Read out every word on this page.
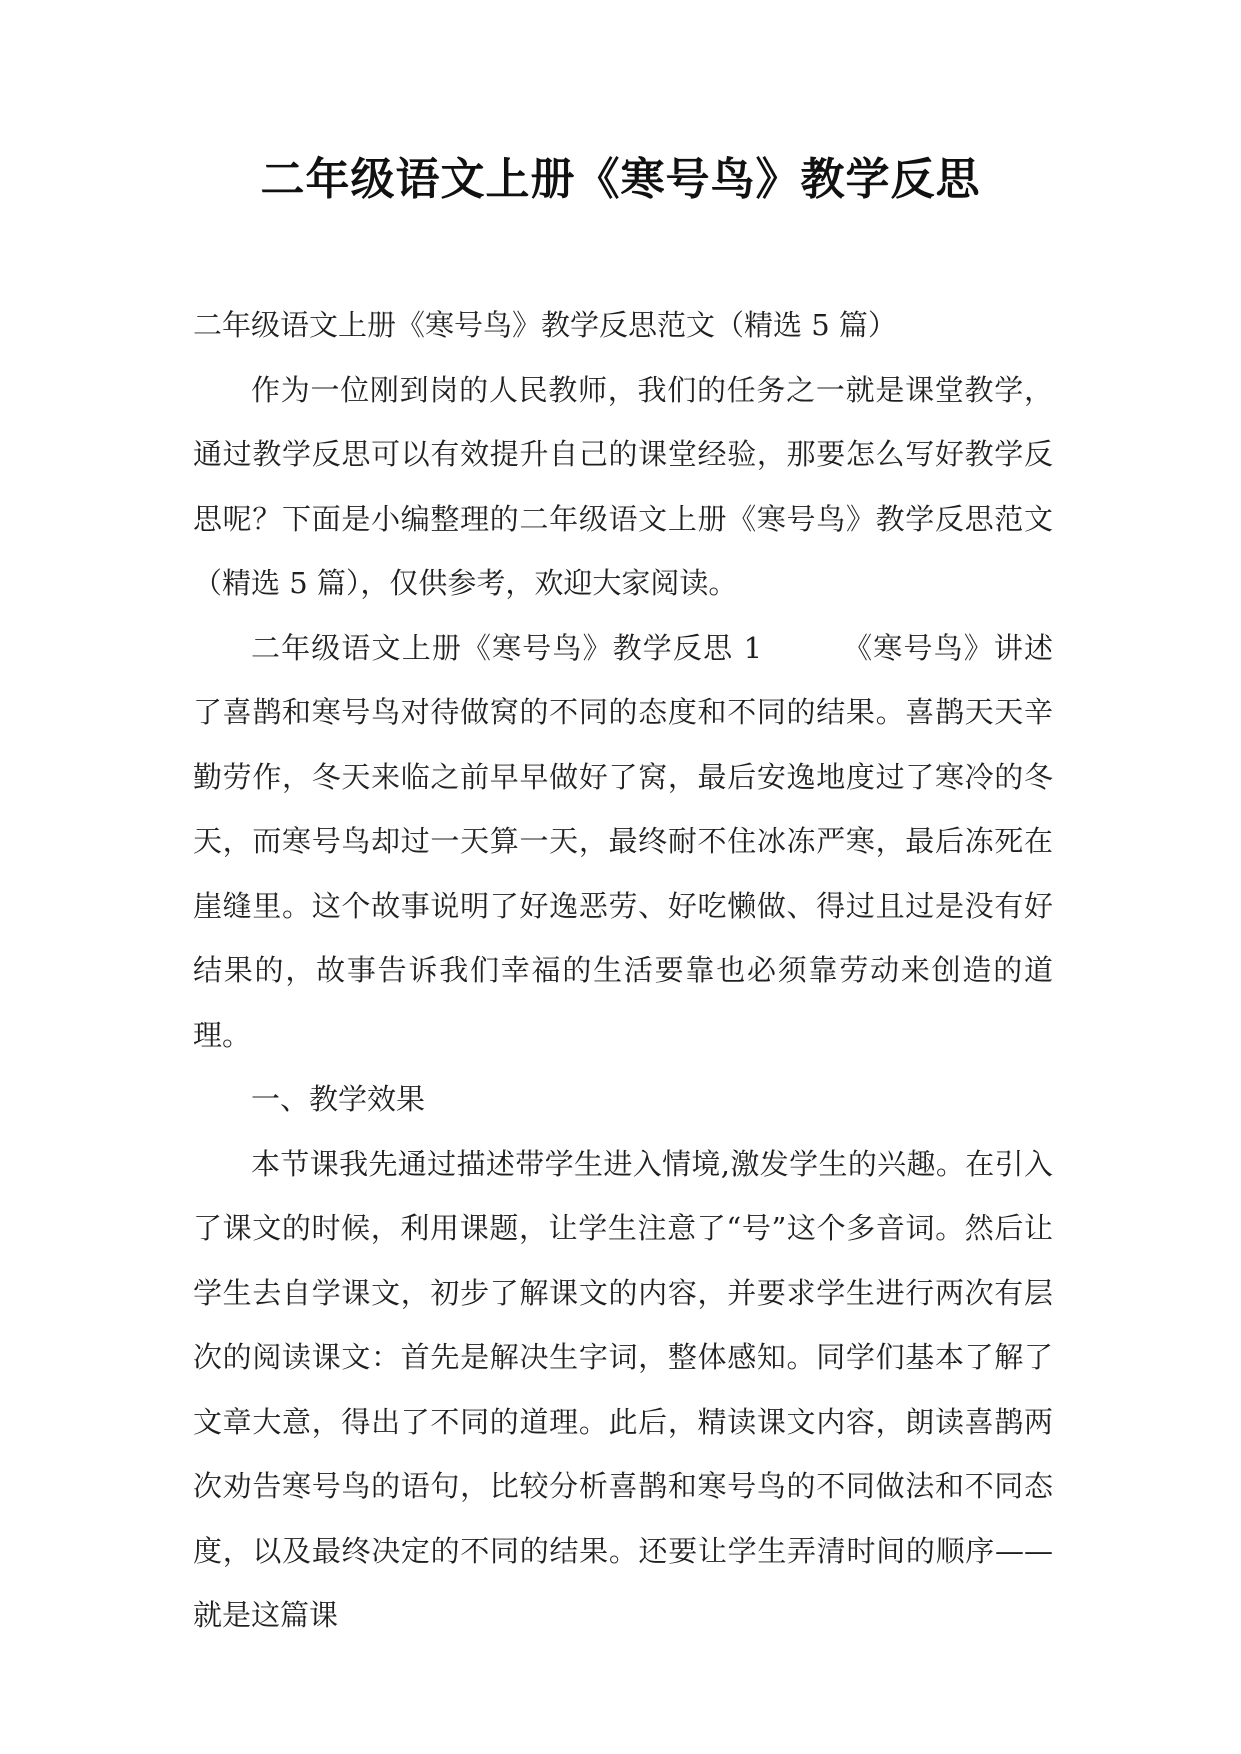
二年级语文上册《寒号鸟》教学反思

二年级语文上册《寒号鸟》教学反思范文（精选 5 篇）

作为一位刚到岗的人民教师，我们的任务之一就是课堂教学，通过教学反思可以有效提升自己的课堂经验，那要怎么写好教学反思呢？下面是小编整理的二年级语文上册《寒号鸟》教学反思范文（精选 5 篇），仅供参考，欢迎大家阅读。

二年级语文上册《寒号鸟》教学反思 1	《寒号鸟》讲述了喜鹊和寒号鸟对待做窝的不同的态度和不同的结果。喜鹊天天辛勤劳作，冬天来临之前早早做好了窝，最后安逸地度过了寒冷的冬天，而寒号鸟却过一天算一天，最终耐不住冰冻严寒，最后冻死在崖缝里。这个故事说明了好逸恶劳、好吃懒做、得过且过是没有好结果的，故事告诉我们幸福的生活要靠也必须靠劳动来创造的道理。

一、教学效果

本节课我先通过描述带学生进入情境,激发学生的兴趣。在引入了课文的时候，利用课题，让学生注意了“号”这个多音词。然后让学生去自学课文，初步了解课文的内容，并要求学生进行两次有层次的阅读课文：首先是解决生字词，整体感知。同学们基本了解了文章大意，得出了不同的道理。此后，精读课文内容，朗读喜鹊两次劝告寒号鸟的语句，比较分析喜鹊和寒号鸟的不同做法和不同态度，以及最终决定的不同的结果。还要让学生弄清时间的顺序——就是这篇课
